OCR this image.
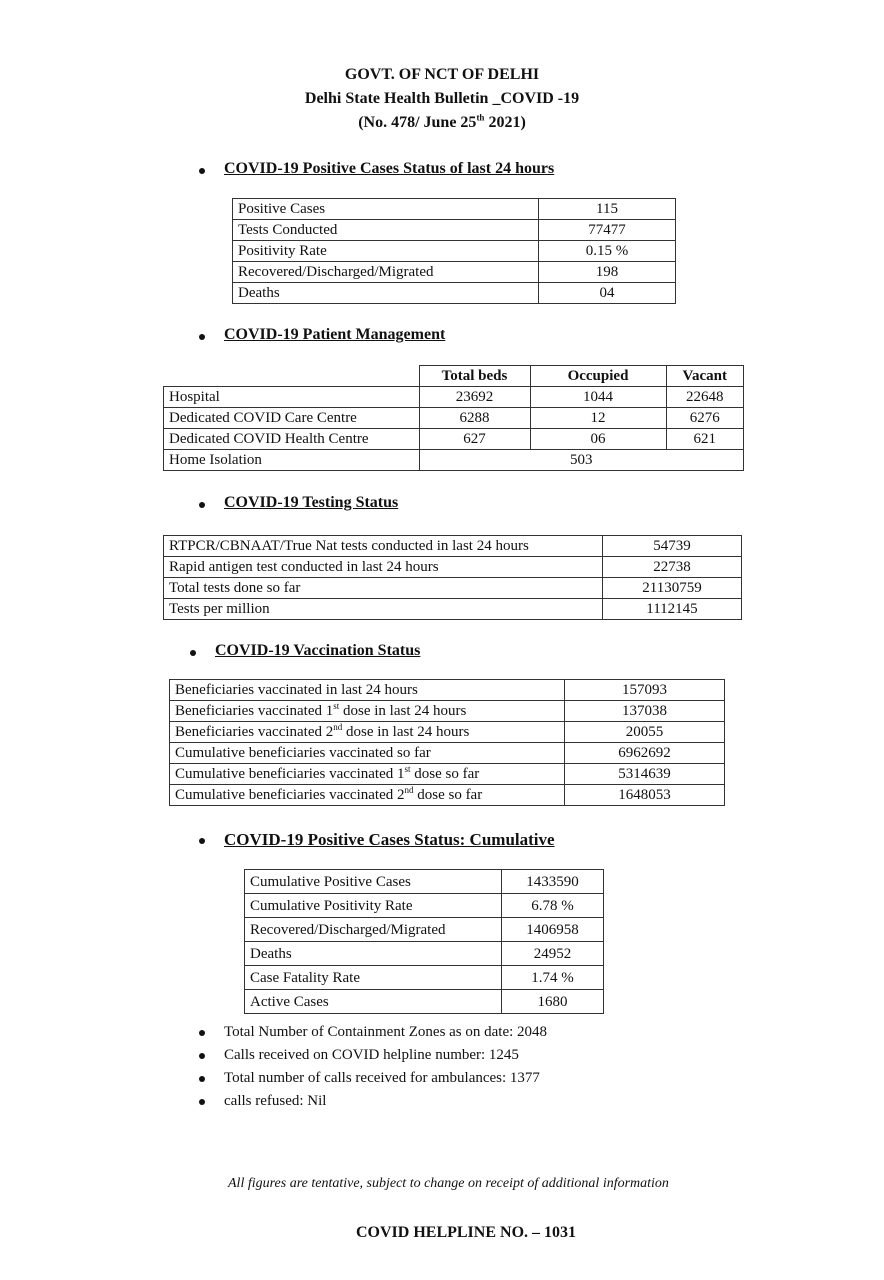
GOVT. OF NCT OF DELHI
Delhi State Health Bulletin _COVID -19
(No. 478/ June 25th 2021)
COVID-19 Positive Cases Status of last 24 hours
Positive Cases	115
Tests Conducted	77477
Positivity Rate	0.15 %
Recovered/Discharged/Migrated	198
Deaths	04
COVID-19 Patient Management
	Total beds	Occupied	Vacant
Hospital	23692	1044	22648
Dedicated COVID Care Centre	6288	12	6276
Dedicated COVID Health Centre	627	06	621
Home Isolation	503		
COVID-19 Testing Status
RTPCR/CBNAAT/True Nat tests conducted in last 24 hours	54739
Rapid antigen test conducted in last 24 hours	22738
Total tests done so far	21130759
Tests per million	1112145
COVID-19 Vaccination Status
Beneficiaries vaccinated in last 24 hours	157093
Beneficiaries vaccinated 1st dose in last 24 hours	137038
Beneficiaries vaccinated 2nd dose in last 24 hours	20055
Cumulative beneficiaries vaccinated so far	6962692
Cumulative beneficiaries vaccinated 1st dose so far	5314639
Cumulative beneficiaries vaccinated 2nd dose so far	1648053
COVID-19 Positive Cases Status: Cumulative
Cumulative Positive Cases	1433590
Cumulative Positivity Rate	6.78 %
Recovered/Discharged/Migrated	1406958
Deaths	24952
Case Fatality Rate	1.74 %
Active Cases	1680
Total Number of Containment Zones as on date: 2048
Calls received on COVID helpline number: 1245
Total number of calls received for ambulances: 1377
calls refused: Nil
All figures are tentative, subject to change on receipt of additional information
COVID HELPLINE NO. – 1031
